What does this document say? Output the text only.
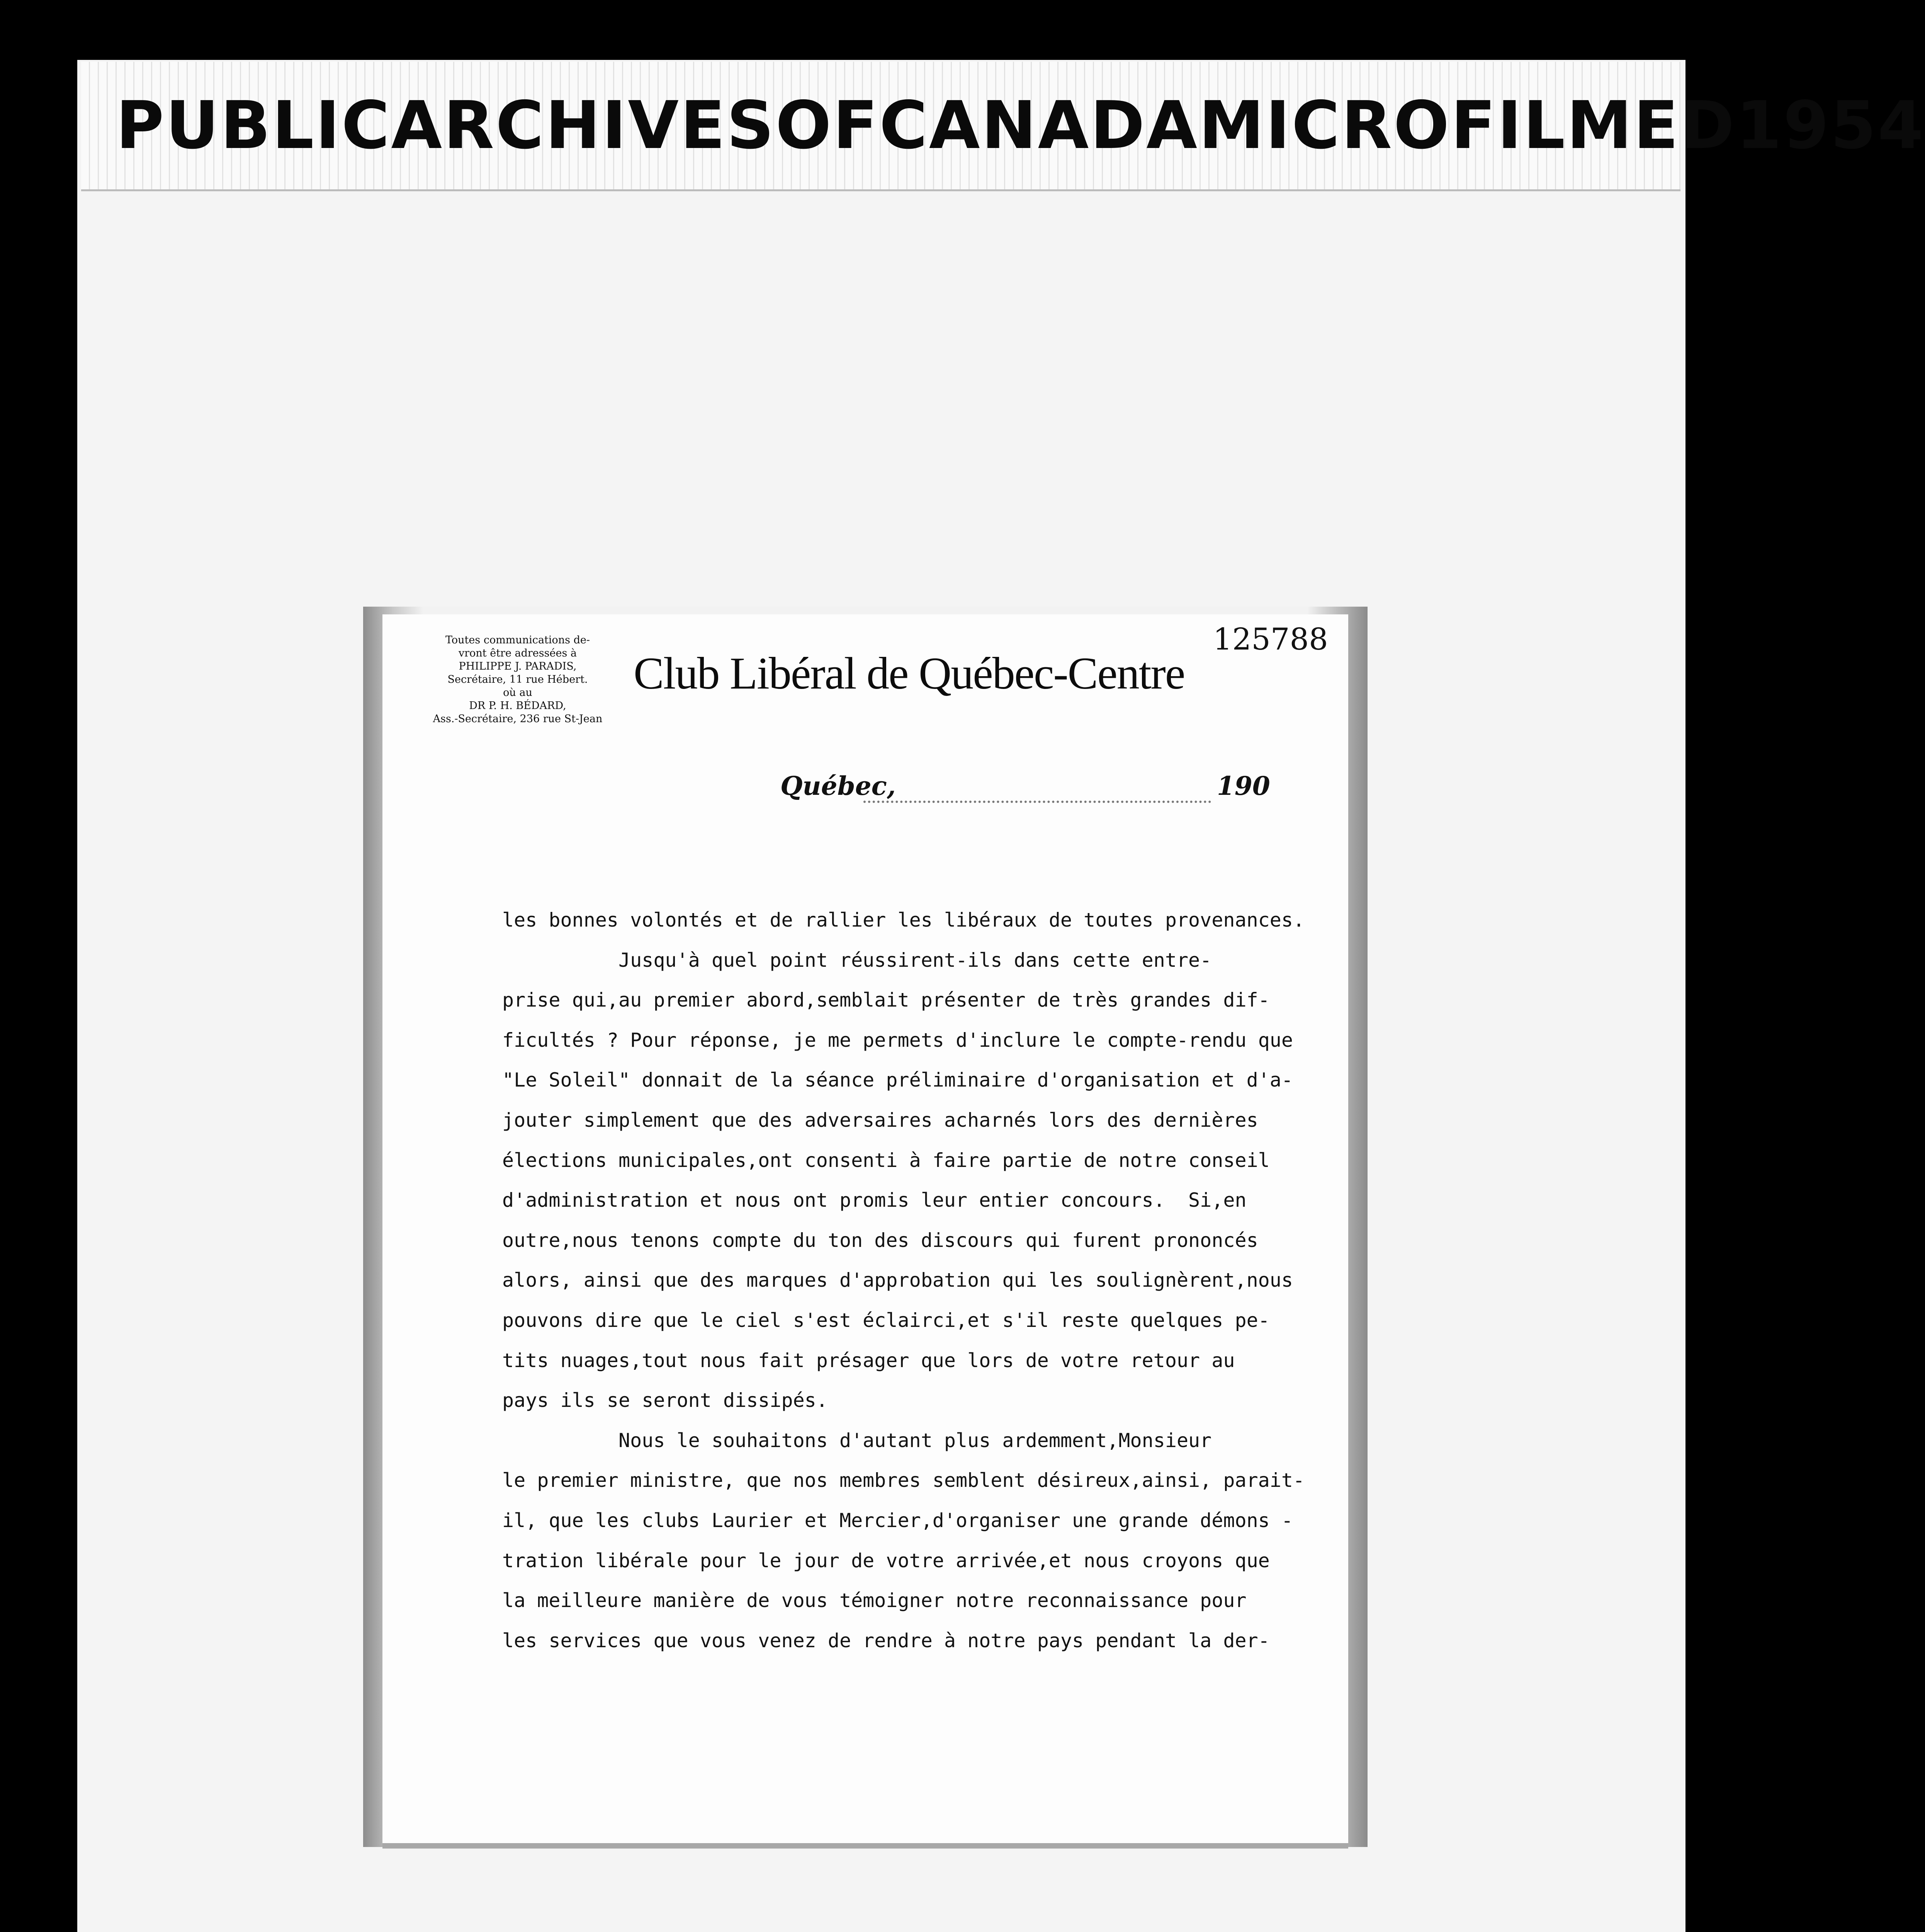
PUBLIC ARCHIVES OF CANADA MICROFILMED 1954
Toutes communications de-
vront être adressées à
PHILIPPE J. PARADIS,
Secrétaire, 11 rue Hébert.
où au
DR P. H. BÉDARD,
Ass.-Secrétaire, 236 rue St-Jean
Club Libéral de Québec-Centre
125788
Québec,	190
les bonnes volontés et de rallier les libéraux de toutes provenances.
Jusqu'à quel point réussirent-ils dans cette entre-
prise qui,au premier abord,semblait présenter de très grandes dif-
ficultés ? Pour réponse, je me permets d'inclure le compte-rendu que
"Le Soleil" donnait de la séance préliminaire d'organisation et d'a-
jouter simplement que des adversaires acharnés lors des dernières
élections municipales,ont consenti à faire partie de notre conseil
d'administration et nous ont promis leur entier concours.  Si,en
outre,nous tenons compte du ton des discours qui furent prononcés
alors, ainsi que des marques d'approbation qui les soulignèrent,nous
pouvons dire que le ciel s'est éclairci,et s'il reste quelques pe-
tits nuages,tout nous fait présager que lors de votre retour au
pays ils se seront dissipés.
Nous le souhaitons d'autant plus ardemment,Monsieur
le premier ministre, que nos membres semblent désireux,ainsi, parait-
il, que les clubs Laurier et Mercier,d'organiser une grande démons -
tration libérale pour le jour de votre arrivée,et nous croyons que
la meilleure manière de vous témoigner notre reconnaissance pour
les services que vous venez de rendre à notre pays pendant la der-
